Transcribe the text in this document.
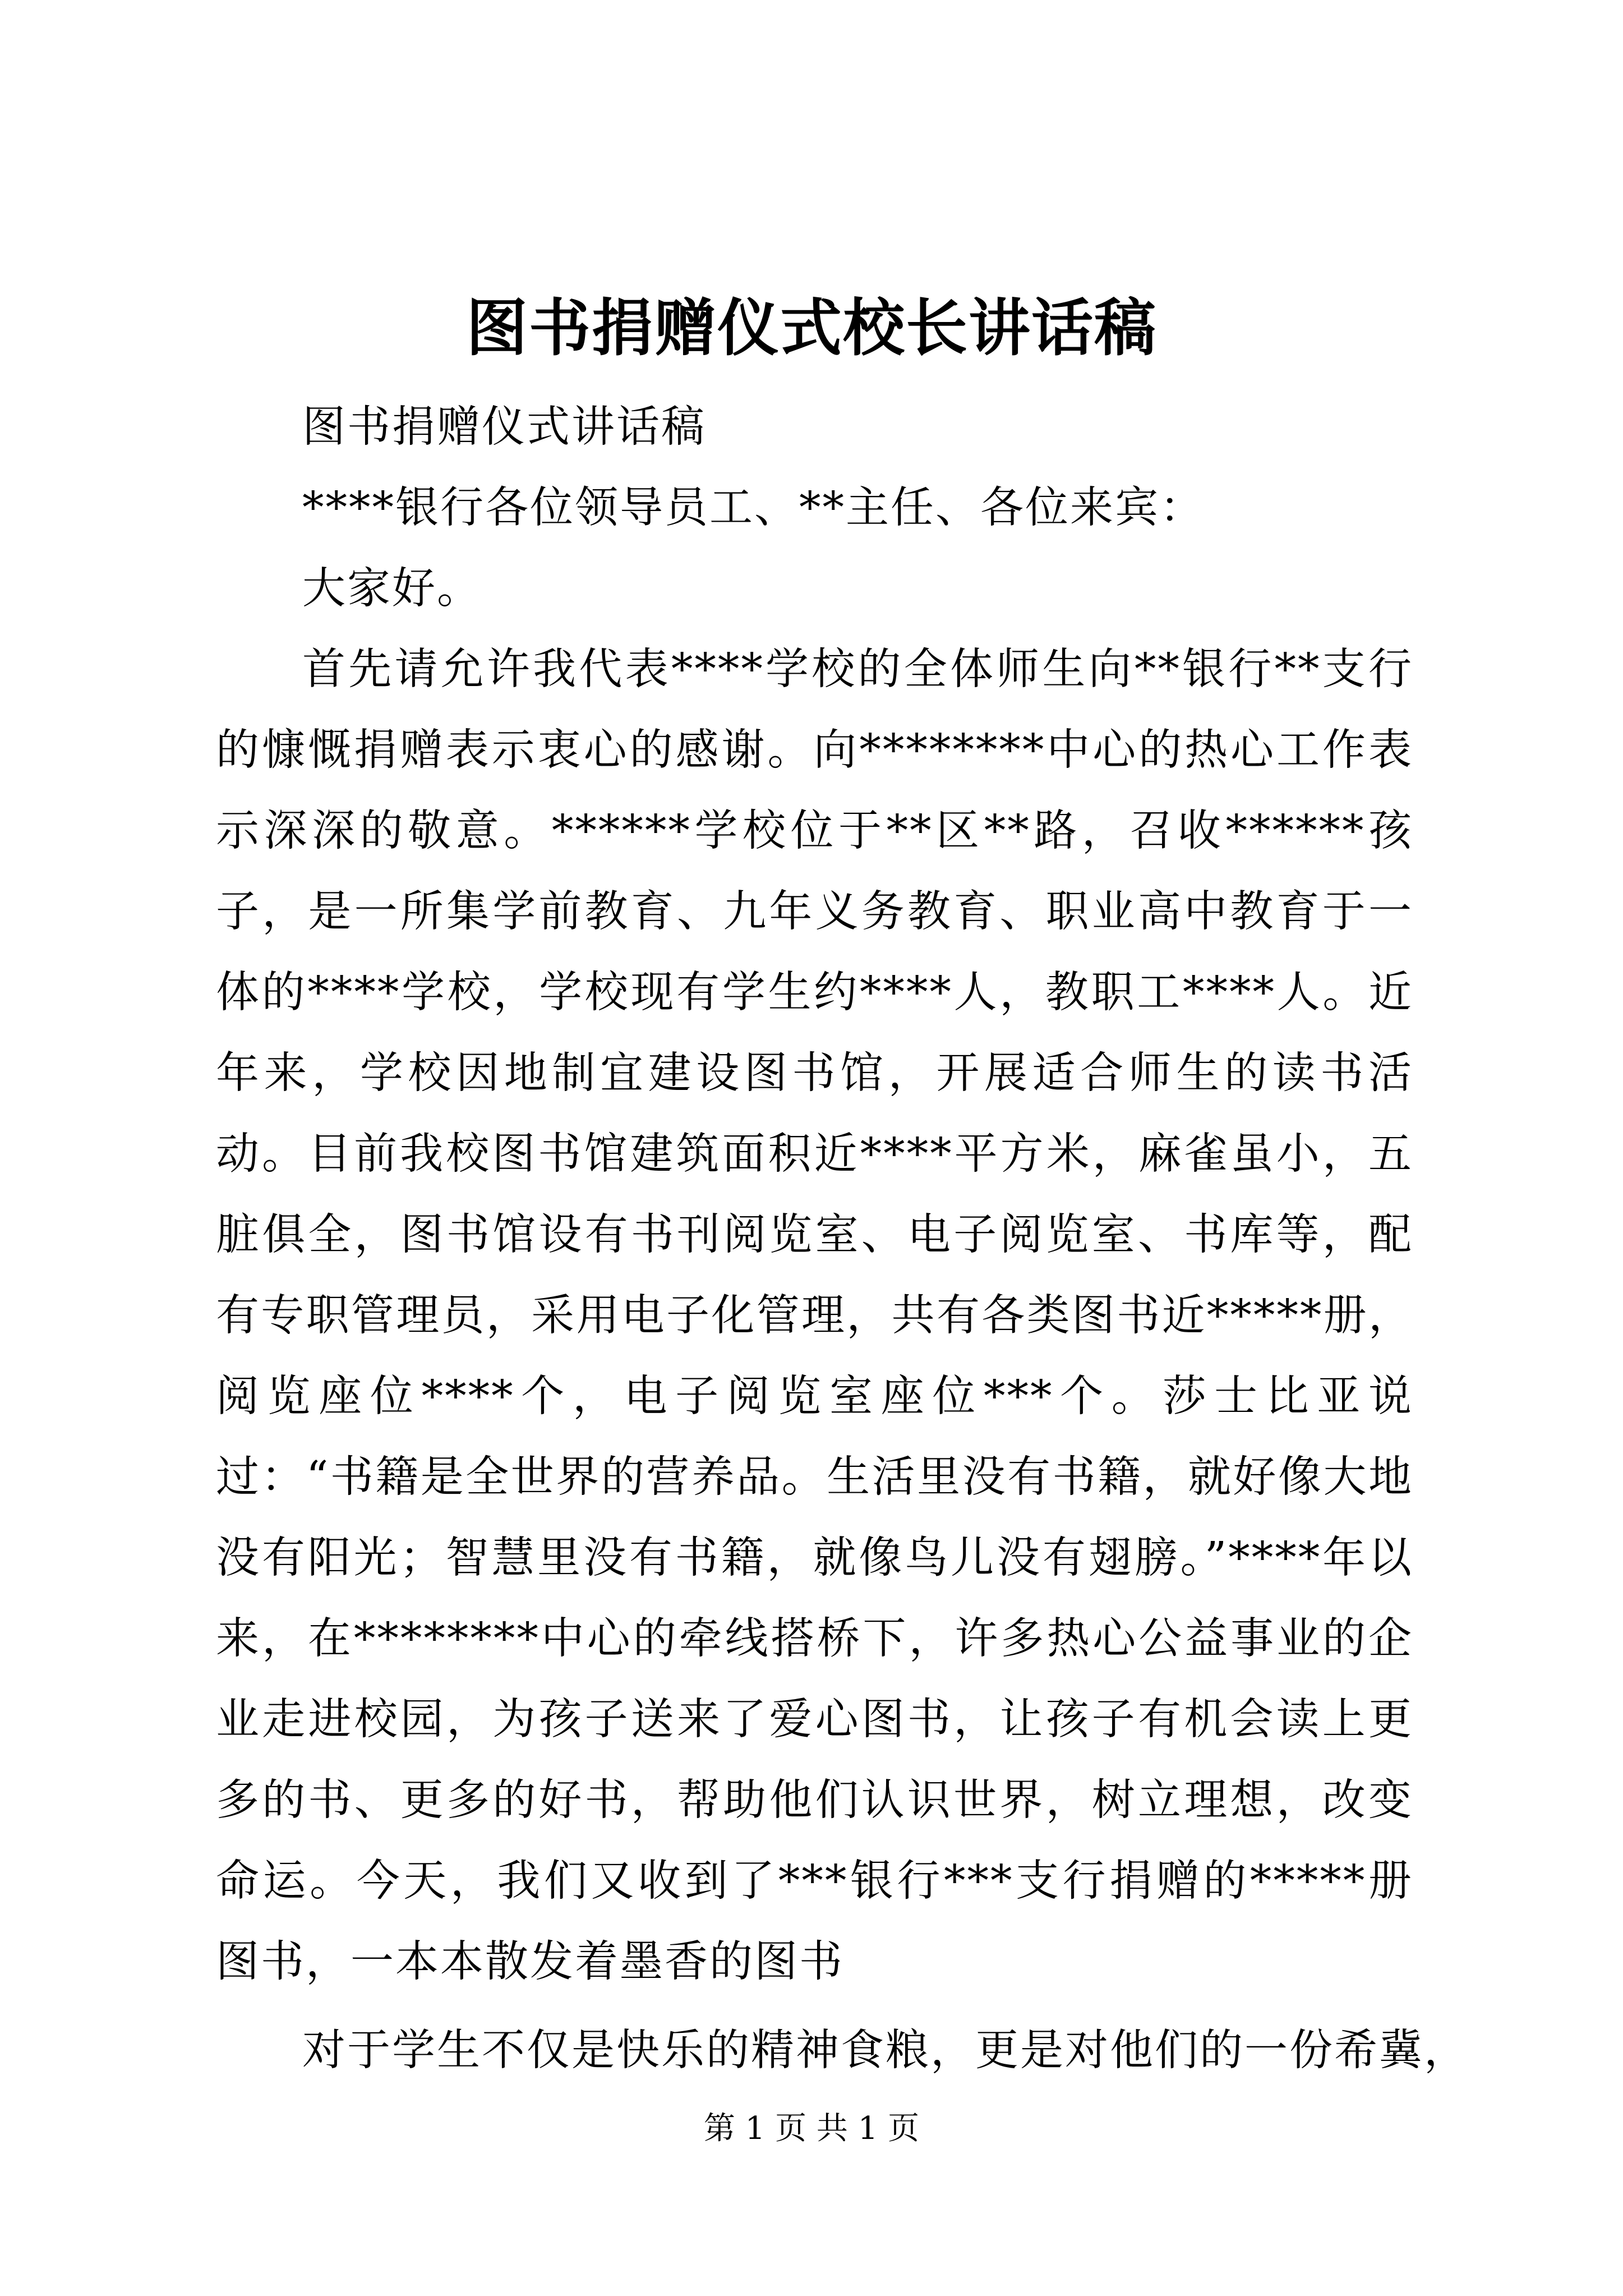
图书捐赠仪式校长讲话稿

图书捐赠仪式讲话稿

****银行各位领导员工、**主任、各位来宾：

大家好。

首先请允许我代表****学校的全体师生向**银行**支行的慷慨捐赠表示衷心的感谢。向********中心的热心工作表示深深的敬意。******学校位于**区**路，召收******孩子，是一所集学前教育、九年义务教育、职业高中教育于一体的****学校，学校现有学生约****人，教职工****人。近年来，学校因地制宜建设图书馆，开展适合师生的读书活动。目前我校图书馆建筑面积近****平方米，麻雀虽小，五脏俱全，图书馆设有书刊阅览室、电子阅览室、书库等，配有专职管理员，采用电子化管理，共有各类图书近*****册，阅览座位****个，电子阅览室座位***个。莎士比亚说过：“书籍是全世界的营养品。生活里没有书籍，就好像大地没有阳光；智慧里没有书籍，就像鸟儿没有翅膀。”****年以来，在********中心的牵线搭桥下，许多热心公益事业的企业走进校园，为孩子送来了爱心图书，让孩子有机会读上更多的书、更多的好书，帮助他们认识世界，树立理想，改变命运。今天，我们又收到了***银行***支行捐赠的*****册图书，一本本散发着墨香的图书

对于学生不仅是快乐的精神食粮，更是对他们的一份希冀，

第 1 页 共 1 页
